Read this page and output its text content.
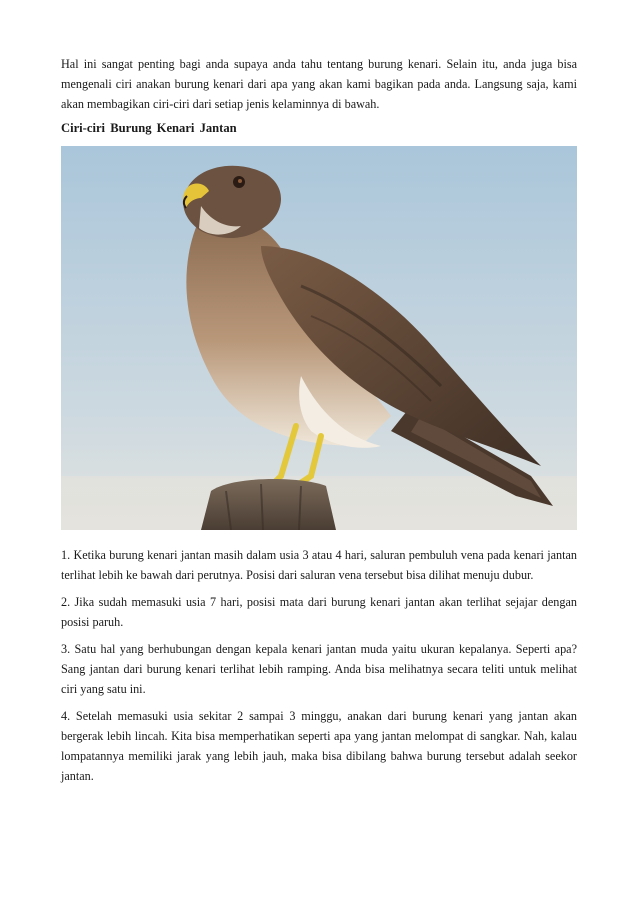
Hal ini sangat penting bagi anda supaya anda tahu tentang burung kenari. Selain itu, anda juga bisa mengenali ciri anakan burung kenari dari apa yang akan kami bagikan pada anda. Langsung saja, kami akan membagikan ciri-ciri dari setiap jenis kelaminnya di bawah.

Ciri-ciri Burung Kenari Jantan

1. Ketika burung kenari jantan masih dalam usia 3 atau 4 hari, saluran pembuluh vena pada kenari jantan terlihat lebih ke bawah dari perutnya. Posisi dari saluran vena tersebut bisa dilihat menuju dubur.

2. Jika sudah memasuki usia 7 hari, posisi mata dari burung kenari jantan akan terlihat sejajar dengan posisi paruh.

3. Satu hal yang berhubungan dengan kepala kenari jantan muda yaitu ukuran kepalanya. Seperti apa? Sang jantan dari burung kenari terlihat lebih ramping. Anda bisa melihatnya secara teliti untuk melihat ciri yang satu ini.

4. Setelah memasuki usia sekitar 2 sampai 3 minggu, anakan dari burung kenari yang jantan akan bergerak lebih lincah. Kita bisa memperhatikan seperti apa yang jantan melompat di sangkar. Nah, kalau lompatannya memiliki jarak yang lebih jauh, maka bisa dibilang bahwa burung tersebut adalah seekor jantan.
